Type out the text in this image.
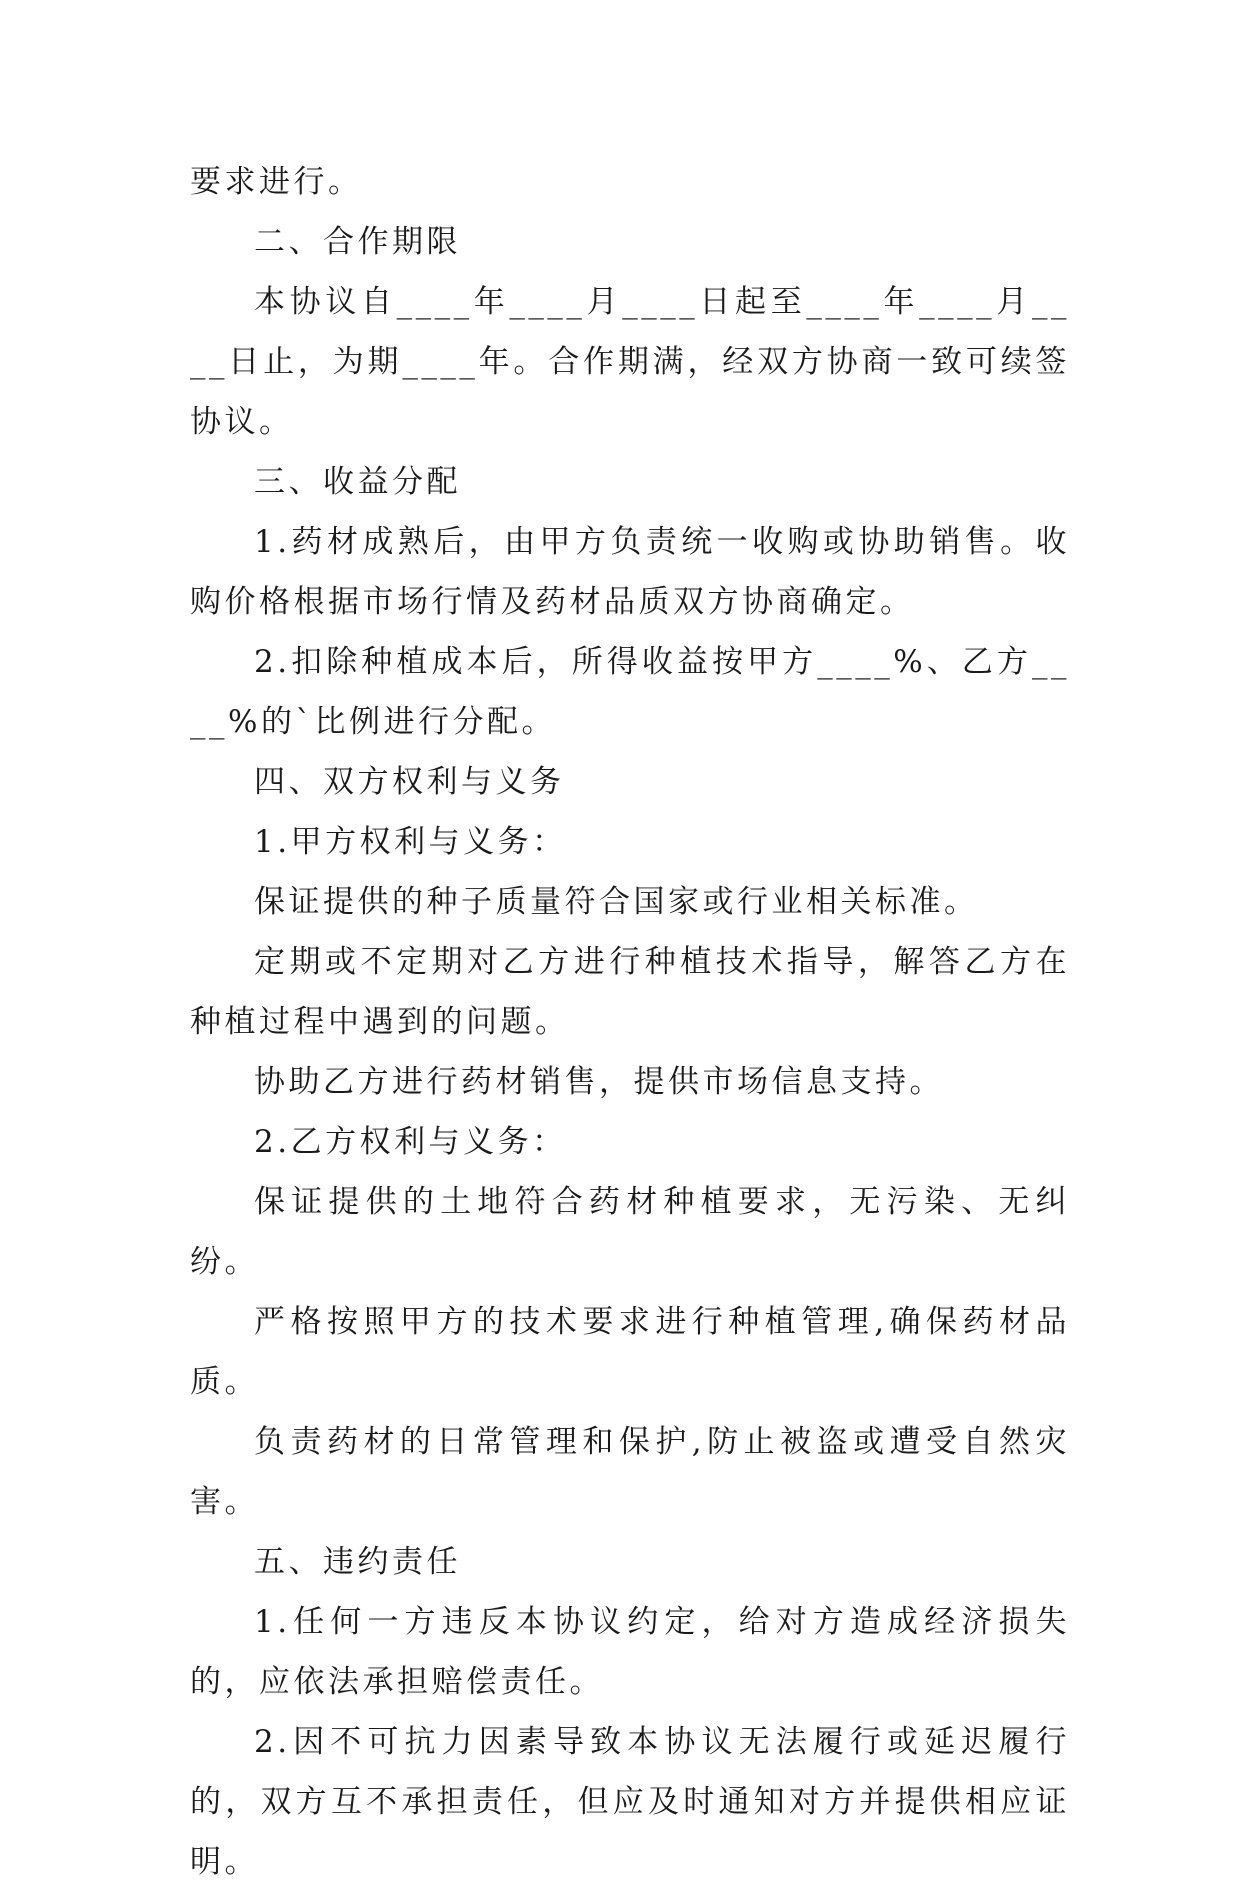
要求进行。

二、合作期限

本协议自____年____月____日起至____年____月____日止，为期____年。合作期满，经双方协商一致可续签协议。

三、收益分配

1.药材成熟后，由甲方负责统一收购或协助销售。收购价格根据市场行情及药材品质双方协商确定。

2.扣除种植成本后，所得收益按甲方____%、乙方____%的`比例进行分配。

四、双方权利与义务

1.甲方权利与义务：

保证提供的种子质量符合国家或行业相关标准。

定期或不定期对乙方进行种植技术指导，解答乙方在种植过程中遇到的问题。

协助乙方进行药材销售，提供市场信息支持。

2.乙方权利与义务：

保证提供的土地符合药材种植要求，无污染、无纠纷。

严格按照甲方的技术要求进行种植管理,确保药材品质。

负责药材的日常管理和保护,防止被盗或遭受自然灾害。

五、违约责任

1.任何一方违反本协议约定，给对方造成经济损失的，应依法承担赔偿责任。

2.因不可抗力因素导致本协议无法履行或延迟履行的，双方互不承担责任，但应及时通知对方并提供相应证明。
